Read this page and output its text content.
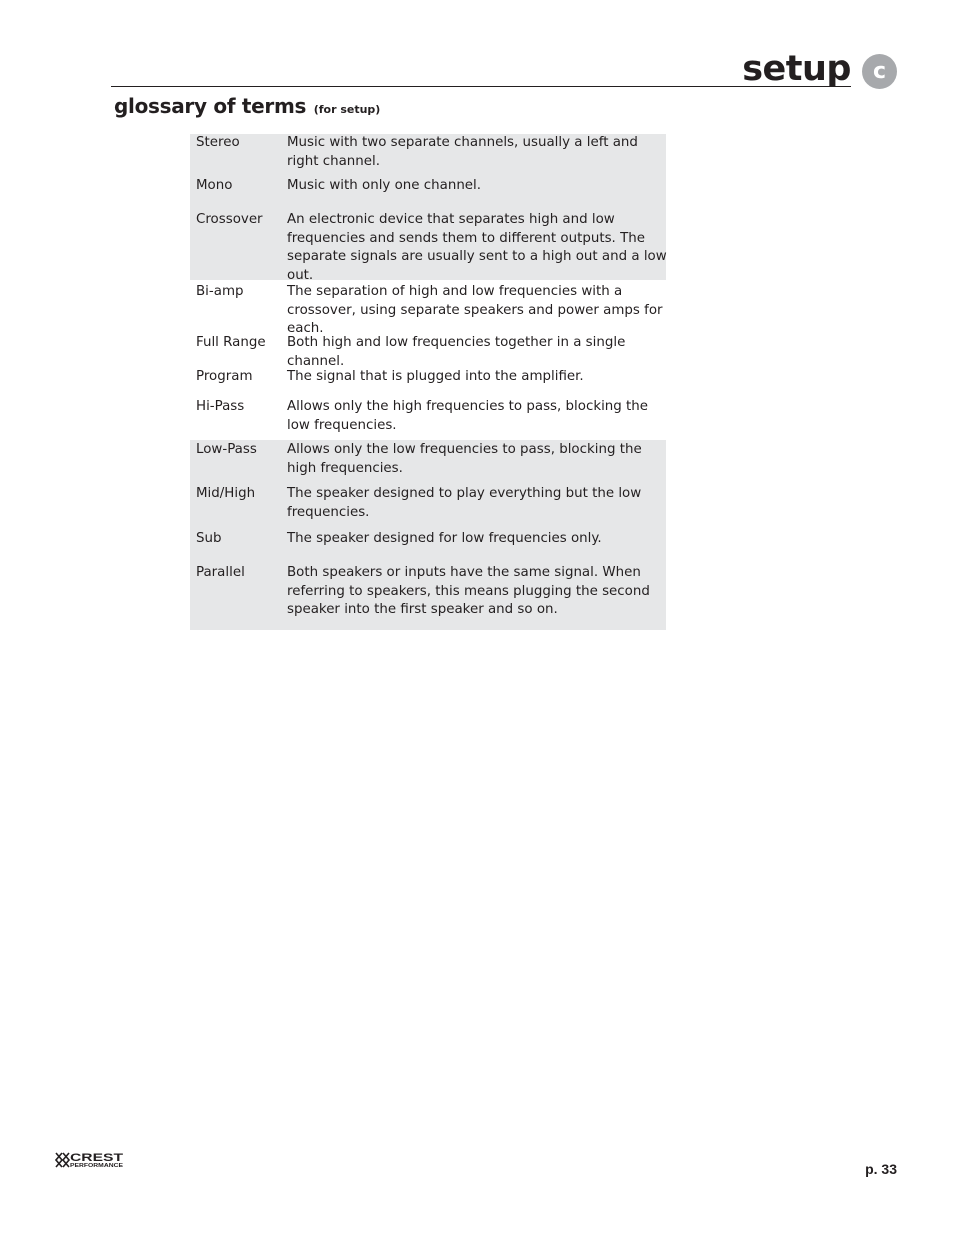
setup c
glossary of terms (for setup)
Stereo	Music with two separate channels, usually a left and right channel.
Mono	Music with only one channel.
Crossover	An electronic device that separates high and low frequencies and sends them to different outputs. The separate signals are usually sent to a high out and a low out.
Bi-amp	The separation of high and low frequencies with a crossover, using separate speakers and power amps for each.
Full Range	Both high and low frequencies together in a single channel.
Program	The signal that is plugged into the amplifier.
Hi-Pass	Allows only the high frequencies to pass, blocking the low frequencies.
Low-Pass	Allows only the low frequencies to pass, blocking the high frequencies.
Mid/High	The speaker designed to play everything but the low frequencies.
Sub	The speaker designed for low frequencies only.
Parallel	Both speakers or inputs have the same signal. When referring to speakers, this means plugging the second speaker into the first speaker and so on.
CREST
PERFORMANCE	p. 33
